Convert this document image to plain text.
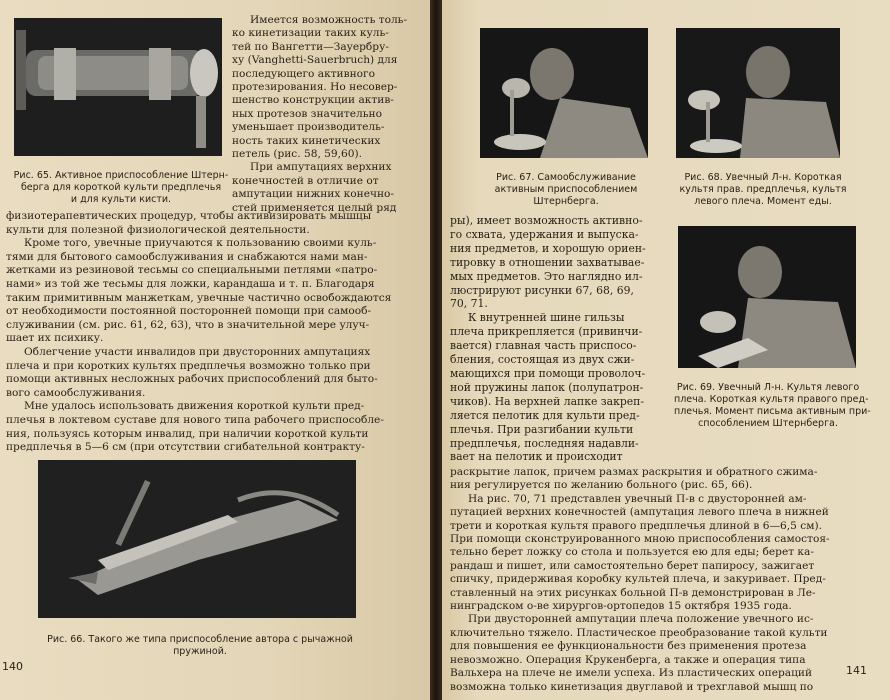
Рис. 65. Активное приспособление Штерн-
берга для короткой культи предплечья
и для культи кисти.
Имеется возможность толь-
ко кинетизации таких куль-
тей по Вангетти—Зауербру-
ху (Vanghetti-Sauerbruch) для
последующего активного
протезирования. Но несовер-
шенство конструкции актив-
ных протезов значительно
уменьшает производитель-
ность таких кинетических
петель (рис. 58, 59,60).
При ампутациях верхних
конечностей в отличие от
ампутации нижних конечно-
стей применяется целый ряд
физиотерапевтических процедур, чтобы активизировать мышцы
культи для полезной физиологической деятельности.
Кроме того, увечные приучаются к пользованию своими куль-
тями для бытового самообслуживания и снабжаются нами ман-
жетками из резиновой тесьмы со специальными петлями «патро-
нами» из той же тесьмы для ложки, карандаша и т. п. Благодаря
таким примитивным манжеткам, увечные частично освобождаются
от необходимости постоянной посторонней помощи при самооб-
служивании (см. рис. 61, 62, 63), что в значительной мере улуч-
шает их психику.
Облегчение участи инвалидов при двусторонних ампутациях
плеча и при коротких культях предплечья возможно только при
помощи активных несложных рабочих приспособлений для быто-
вого самообслуживания.
Мне удалось использовать движения короткой культи пред-
плечья в локтевом суставе для нового типа рабочего приспособле-
ния, пользуясь которым инвалид, при наличии короткой культи
предплечья в 5—6 см (при отсутствии сгибательной контракту-
Рис. 66. Такого же типа приспособление автора с рычажной
пружиной.
140
Рис. 67. Самообслуживание
активным приспособлением
Штернберга.
Рис. 68. Увечный Л-н. Короткая
культя прав. предплечья, культя
левого плеча. Момент еды.
ры), имеет возможность активно-
го схвата, удержания и выпуска-
ния предметов, и хорошую ориен-
тировку в отношении захватывае-
мых предметов. Это наглядно ил-
люстрируют рисунки 67, 68, 69,
70, 71.
К внутренней шине гильзы
плеча прикрепляется (привинчи-
вается) главная часть приспосо-
бления, состоящая из двух сжи-
мающихся при помощи проволоч-
ной пружины лапок (полупатрон-
чиков). На верхней лапке закреп-
ляется пелотик для культи пред-
плечья. При разгибании культи
предплечья, последняя надавли-
вает на пелотик и происходит
Рис. 69. Увечный Л-н. Культя левого
плеча. Короткая культя правого пред-
плечья. Момент письма активным при-
способлением Штернберга.
раскрытие лапок, причем размах раскрытия и обратного сжима-
ния регулируется по желанию больного (рис. 65, 66).
На рис. 70, 71 представлен увечный П-в с двусторонней ам-
путацией верхних конечностей (ампутация левого плеча в нижней
трети и короткая культя правого предплечья длиной в 6—6,5 см).
При помощи сконструированного мною приспособления самостоя-
тельно берет ложку со стола и пользуется ею для еды; берет ка-
рандаш и пишет, или самостоятельно берет папиросу, зажигает
спичку, придерживая коробку культей плеча, и закуривает. Пред-
ставленный на этих рисунках больной П-в демонстрирован в Ле-
нинградском о-ве хирургов-ортопедов 15 октября 1935 года.
При двусторонней ампутации плеча положение увечного ис-
ключительно тяжело. Пластическое преобразование такой культи
для повышения ее функциональности без применения протеза
невозможно. Операция Крукенберга, а также и операция типа
Вальхера на плече не имели успеха. Из пластических операций
возможна только кинетизация двуглавой и трехглавой мышц по
141
